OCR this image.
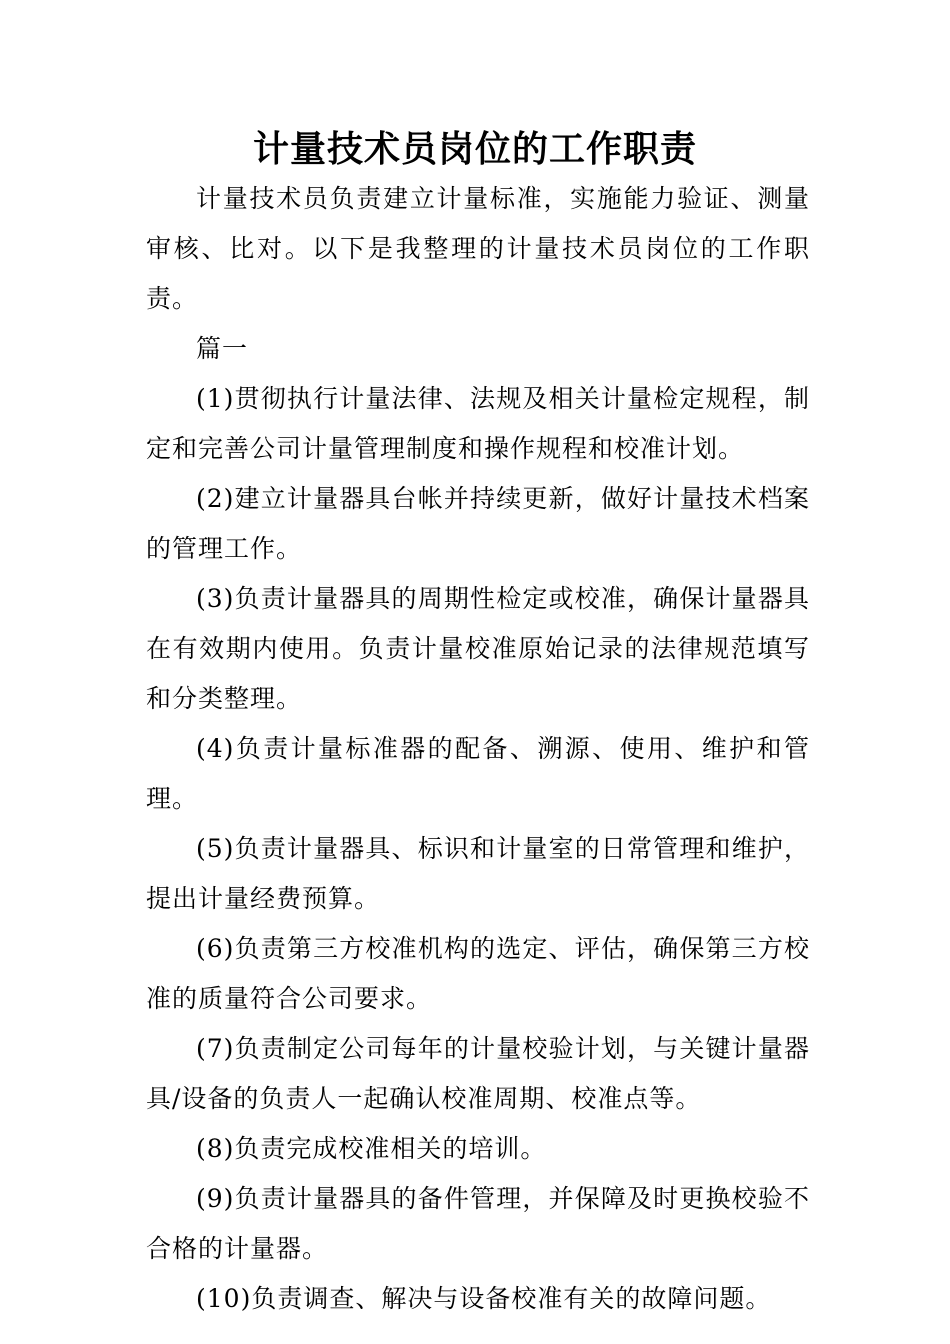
计量技术员岗位的工作职责

计量技术员负责建立计量标准，实施能力验证、测量审核、比对。以下是我整理的计量技术员岗位的工作职责。

篇一

(1)贯彻执行计量法律、法规及相关计量检定规程，制定和完善公司计量管理制度和操作规程和校准计划。

(2)建立计量器具台帐并持续更新，做好计量技术档案的管理工作。

(3)负责计量器具的周期性检定或校准，确保计量器具在有效期内使用。负责计量校准原始记录的法律规范填写和分类整理。

(4)负责计量标准器的配备、溯源、使用、维护和管理。

(5)负责计量器具、标识和计量室的日常管理和维护，提出计量经费预算。

(6)负责第三方校准机构的选定、评估，确保第三方校准的质量符合公司要求。

(7)负责制定公司每年的计量校验计划，与关键计量器具/设备的负责人一起确认校准周期、校准点等。

(8)负责完成校准相关的培训。

(9)负责计量器具的备件管理，并保障及时更换校验不合格的计量器。

(10)负责调查、解决与设备校准有关的故障问题。
